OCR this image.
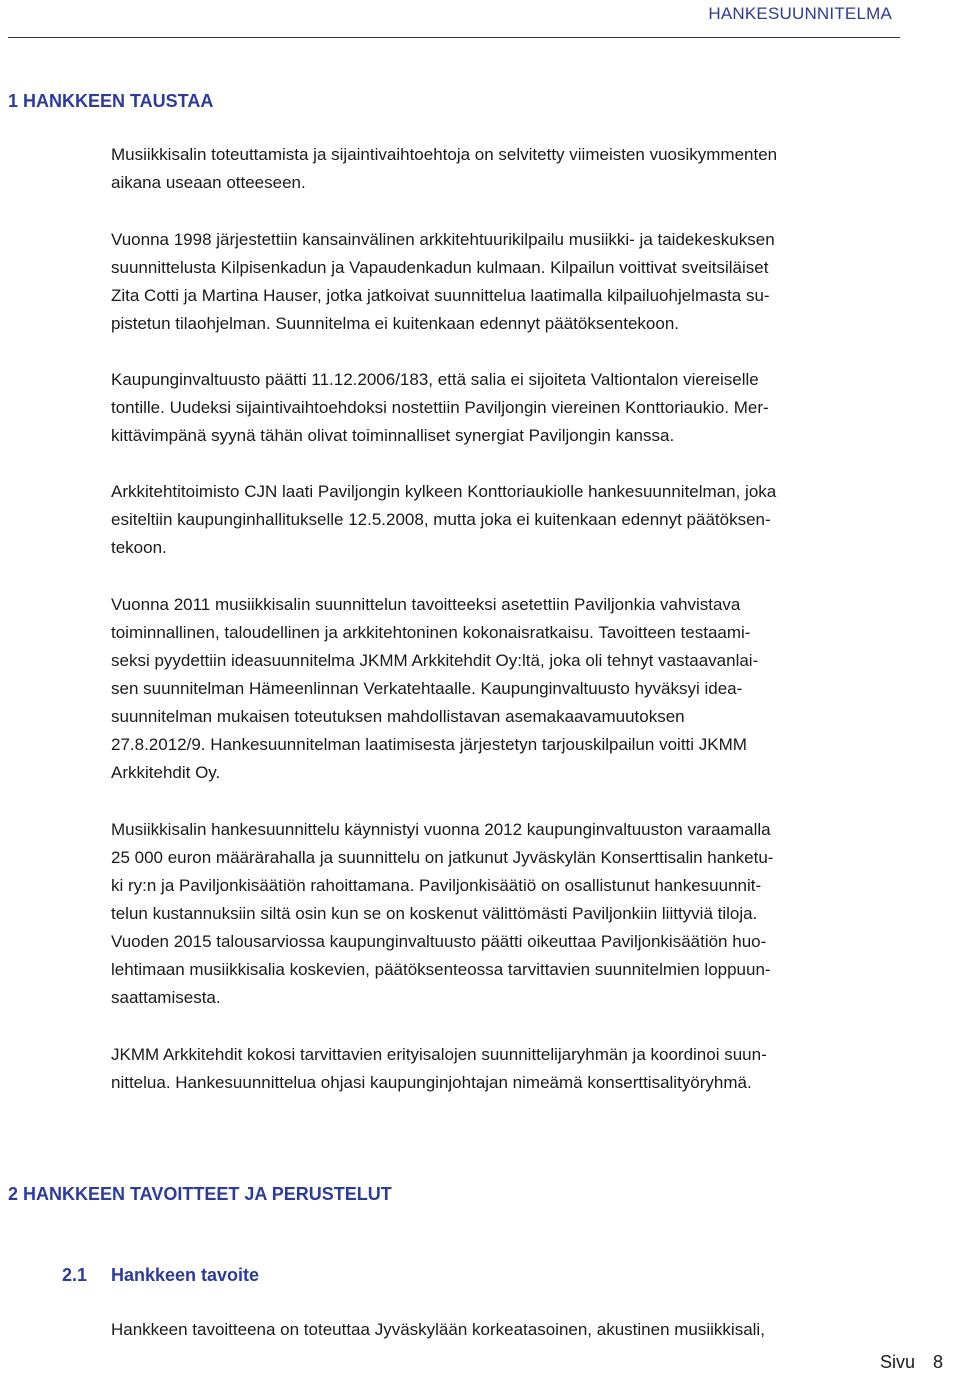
HANKESUUNNITELMA
1 HANKKEEN TAUSTAA
Musiikkisalin toteuttamista ja sijaintivaihtoehtoja on selvitetty viimeisten vuosikymmenten
aikana useaan otteeseen.
Vuonna 1998 järjestettiin kansainvälinen arkkitehtuurikilpailu musiikki- ja taidekeskuksen
suunnittelusta Kilpisenkadun ja Vapaudenkadun kulmaan. Kilpailun voittivat sveitsiläiset
Zita Cotti ja Martina Hauser, jotka jatkoivat suunnittelua laatimalla kilpailuohjelmasta su-
pistetun tilaohjelman. Suunnitelma ei kuitenkaan edennyt päätöksentekoon.
Kaupunginvaltuusto päätti 11.12.2006/183, että salia ei sijoiteta Valtiontalon viereiselle
tontille. Uudeksi sijaintivaihtoehdoksi nostettiin Paviljongin viereinen Konttoriaukio. Mer-
kittävimpänä syynä tähän olivat toiminnalliset synergiat Paviljongin kanssa.
Arkkitehtitoimisto CJN laati Paviljongin kylkeen Konttoriaukiolle hankesuunnitelman, joka
esiteltiin kaupunginhallitukselle 12.5.2008, mutta joka ei kuitenkaan edennyt päätöksen-
tekoon.
Vuonna 2011 musiikkisalin suunnittelun tavoitteeksi asetettiin Paviljonkia vahvistava
toiminnallinen, taloudellinen ja arkkitehtoninen kokonaisratkaisu. Tavoitteen testaami-
seksi pyydettiin ideasuunnitelma JKMM Arkkitehdit Oy:ltä, joka oli tehnyt vastaavanlai-
sen suunnitelman Hämeenlinnan Verkatehtaalle. Kaupunginvaltuusto hyväksyi idea-
suunnitelman mukaisen toteutuksen mahdollistavan asemakaavamuutoksen
27.8.2012/9. Hankesuunnitelman laatimisesta järjestetyn tarjouskilpailun voitti JKMM
Arkkitehdit Oy.
Musiikkisalin hankesuunnittelu käynnistyi vuonna 2012 kaupunginvaltuuston varaamalla
25 000 euron määrärahalla ja suunnittelu on jatkunut Jyväskylän Konserttisalin hanketu-
ki ry:n ja Paviljonkisäätiön rahoittamana. Paviljonkisäätiö on osallistunut hankesuunnit-
telun kustannuksiin siltä osin kun se on koskenut välittömästi Paviljonkiin liittyviä tiloja.
Vuoden 2015 talousarviossa kaupunginvaltuusto päätti oikeuttaa Paviljonkisäätiön huo-
lehtimaan musiikkisalia koskevien, päätöksenteossa tarvittavien suunnitelmien loppuun-
saattamisesta.
JKMM Arkkitehdit kokosi tarvittavien erityisalojen suunnittelijaryhmän ja koordinoi suun-
nittelua. Hankesuunnittelua ohjasi kaupunginjohtajan nimeämä konserttisalityöryhmä.
2 HANKKEEN TAVOITTEET JA PERUSTELUT
2.1 Hankkeen tavoite
Hankkeen tavoitteena on toteuttaa Jyväskylään korkeatasoinen, akustinen musiikkisali,
Sivu 8
